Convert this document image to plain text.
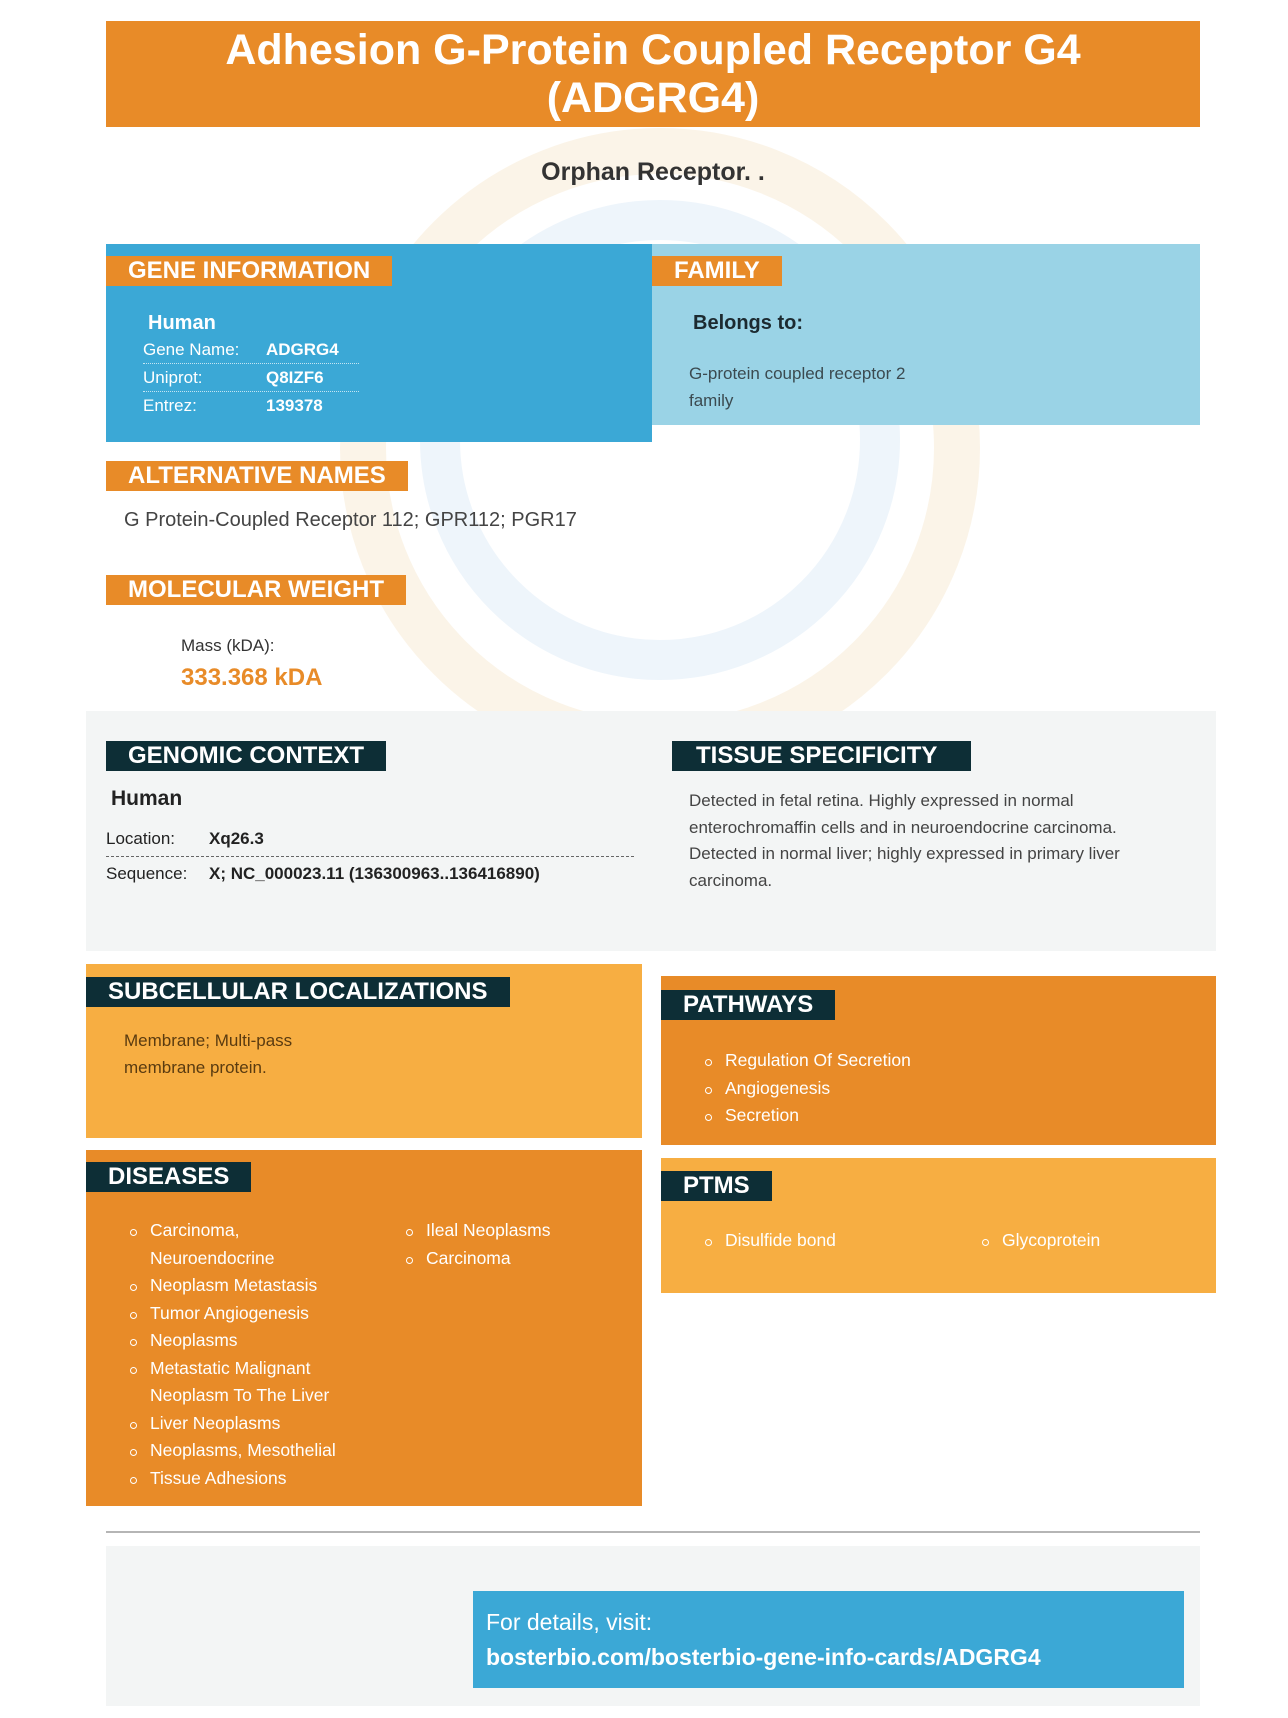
Adhesion G-Protein Coupled Receptor G4 (ADGRG4)
Orphan Receptor. .
Human
Gene Name: ADGRG4
Uniprot:	Q8IZF6
Entrez:	139378
GENE INFORMATION
Belongs to:
G-protein coupled receptor 2 family
FAMILY
ALTERNATIVE NAMES
G Protein-Coupled Receptor 112; GPR112; PGR17
MOLECULAR WEIGHT
Mass (kDA):
333.368 kDA
GENOMIC CONTEXT
Human
Location: Xq26.3
Sequence: X; NC_000023.11 (136300963..136416890)
TISSUE SPECIFICITY
Detected in fetal retina. Highly expressed in normal enterochromaffin cells and in neuroendocrine carcinoma. Detected in normal liver; highly expressed in primary liver carcinoma.
SUBCELLULAR LOCALIZATIONS
Membrane; Multi-pass membrane protein.
PATHWAYS
Regulation Of Secretion
Angiogenesis
Secretion
PTMS
Disulfide bond	Glycoprotein
DISEASES
Carcinoma, Neuroendocrine
Neoplasm Metastasis
Tumor Angiogenesis
Neoplasms
Metastatic Malignant Neoplasm To The Liver
Liver Neoplasms
Neoplasms, Mesothelial
Tissue Adhesions
Ileal Neoplasms
Carcinoma
For details, visit:
bosterbio.com/bosterbio-gene-info-cards/ADGRG4
